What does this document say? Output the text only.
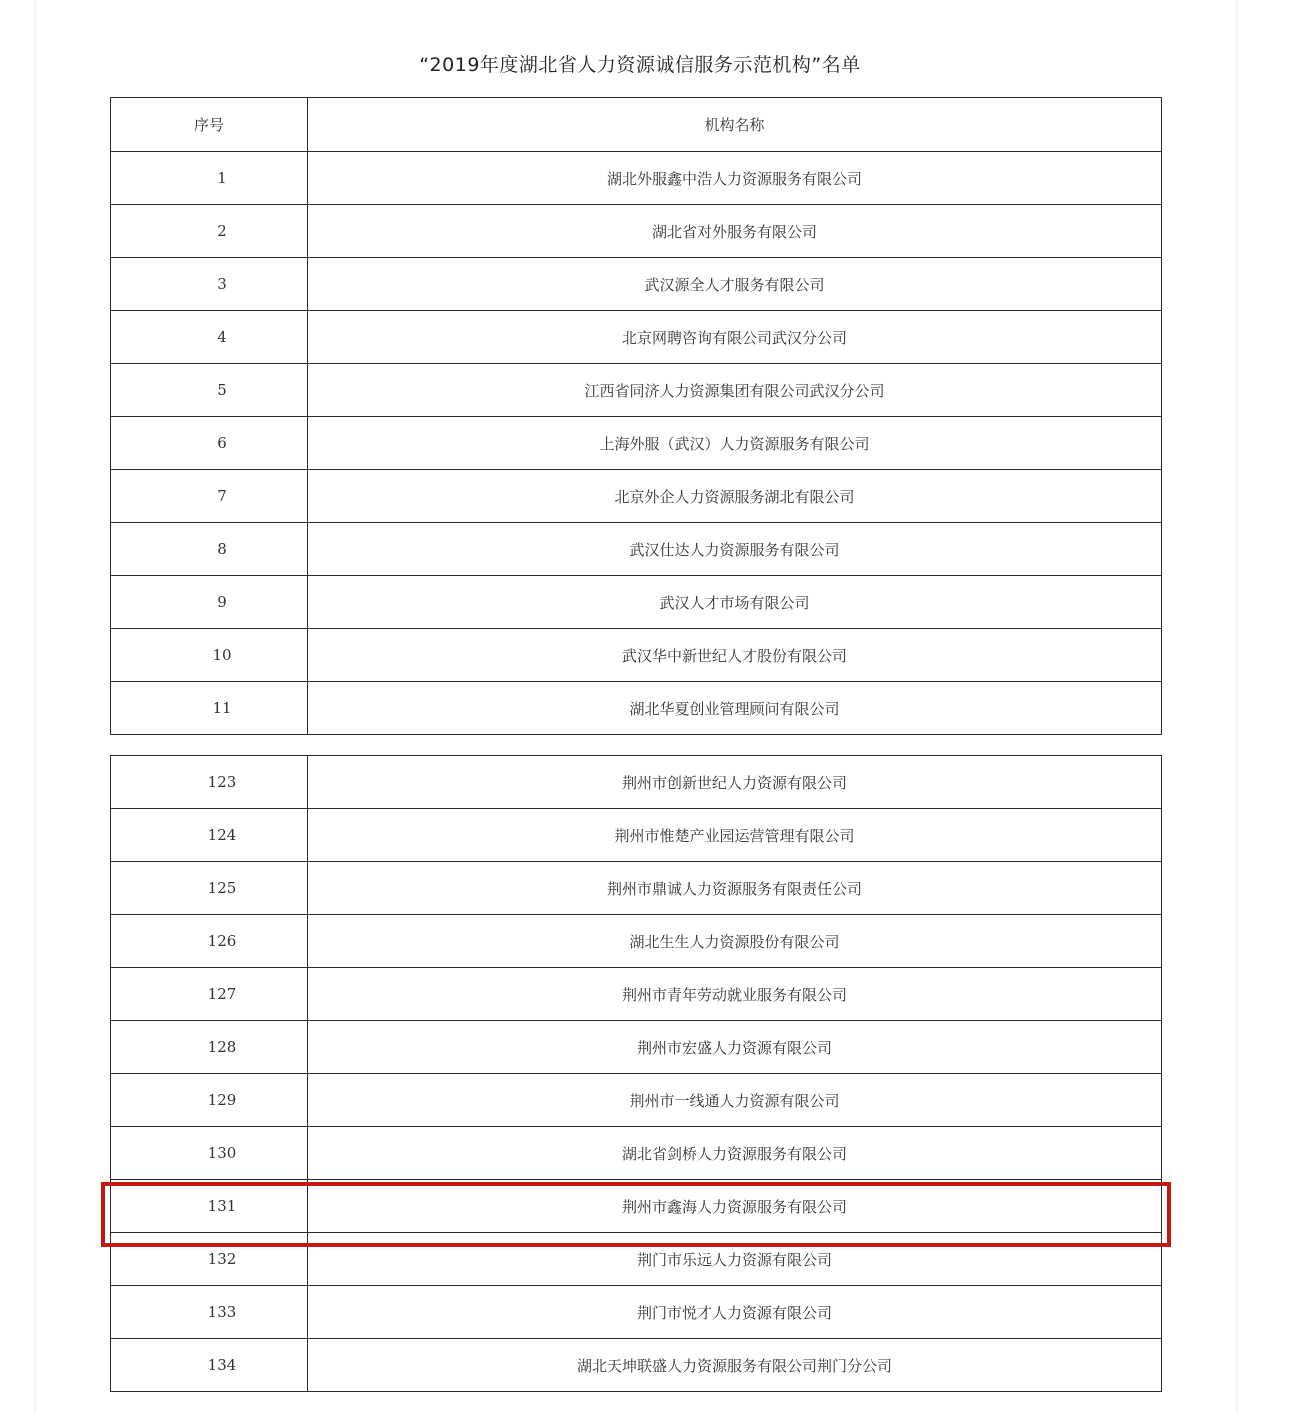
“2019年度湖北省人力资源诚信服务示范机构”名单
序号	机构名称
1	湖北外服鑫中浩人力资源服务有限公司
2	湖北省对外服务有限公司
3	武汉源全人才服务有限公司
4	北京网聘咨询有限公司武汉分公司
5	江西省同济人力资源集团有限公司武汉分公司
6	上海外服（武汉）人力资源服务有限公司
7	北京外企人力资源服务湖北有限公司
8	武汉仕达人力资源服务有限公司
9	武汉人才市场有限公司
10	武汉华中新世纪人才股份有限公司
11	湖北华夏创业管理顾问有限公司
123	荆州市创新世纪人力资源有限公司
124	荆州市惟楚产业园运营管理有限公司
125	荆州市鼎诚人力资源服务有限责任公司
126	湖北生生人力资源股份有限公司
127	荆州市青年劳动就业服务有限公司
128	荆州市宏盛人力资源有限公司
129	荆州市一线通人力资源有限公司
130	湖北省剑桥人力资源服务有限公司
131	荆州市鑫海人力资源服务有限公司
132	荆门市乐远人力资源有限公司
133	荆门市悦才人力资源有限公司
134	湖北天坤联盛人力资源服务有限公司荆门分公司
